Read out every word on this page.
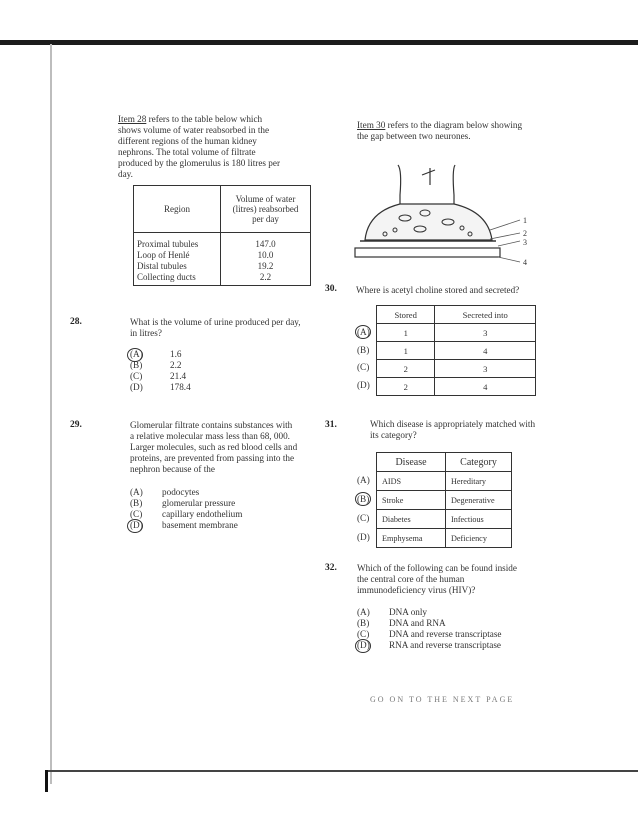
Item 28 refers to the table below which
shows volume of water reabsorbed in the
different regions of the human kidney
nephrons. The total volume of filtrate
produced by the glomerulus is 180 litres per
day.
Region	Volume of water
(litres) reabsorbed
per day
Proximal tubules	147.0
Loop of Henlé	10.0
Distal tubules	19.2
Collecting ducts	2.2
28.	What is the volume of urine produced per day,
in litres?
(A)	1.6
(B)	2.2
(C)	21.4
(D)	178.4
29.	Glomerular filtrate contains substances with
a relative molecular mass less than 68, 000.
Larger molecules, such as red blood cells and
proteins, are prevented from passing into the
nephron because of the
(A) podocytes
(B) glomerular pressure
(C) capillary endothelium
(D) basement membrane
Item 30 refers to the diagram below showing
the gap between two neurones.
1
2
3
4
30. Where is acetyl choline stored and secreted?
Stored	Secreted into
1	3
1	4
2	3
2	4
(A)
(B)
(C)
(D)
31.	Which disease is appropriately matched with
its category?
Disease	Category
AIDS	Hereditary
Stroke	Degenerative
Diabetes	Infectious
Emphysema	Deficiency
(A)
(B)
(C)
(D)
32. Which of the following can be found inside
the central core of the human
immunodeficiency virus (HIV)?
(A) DNA only
(B) DNA and RNA
(C) DNA and reverse transcriptase
(D) RNA and reverse transcriptase
GO ON TO THE NEXT PAGE
